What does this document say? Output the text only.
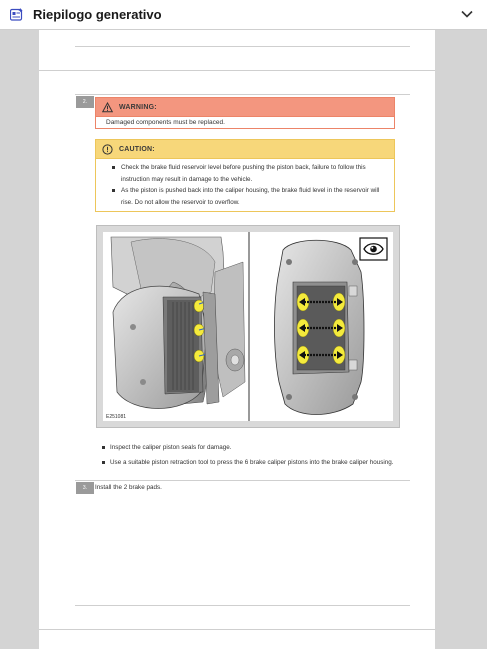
Riepilogo generativo
2.
WARNING:
Damaged components must be replaced.
CAUTION:
Check the brake fluid reservoir level before pushing the piston back, failure to follow this
instruction may result in damage to the vehicle.
As the piston is pushed back into the caliper housing, the brake fluid level in the reservoir will
rise. Do not allow the reservoir to overflow.
E251081
Inspect the caliper piston seals for damage.
Use a suitable piston retraction tool to press the 6 brake caliper pistons into the brake caliper housing.
3.	Install the 2 brake pads.
